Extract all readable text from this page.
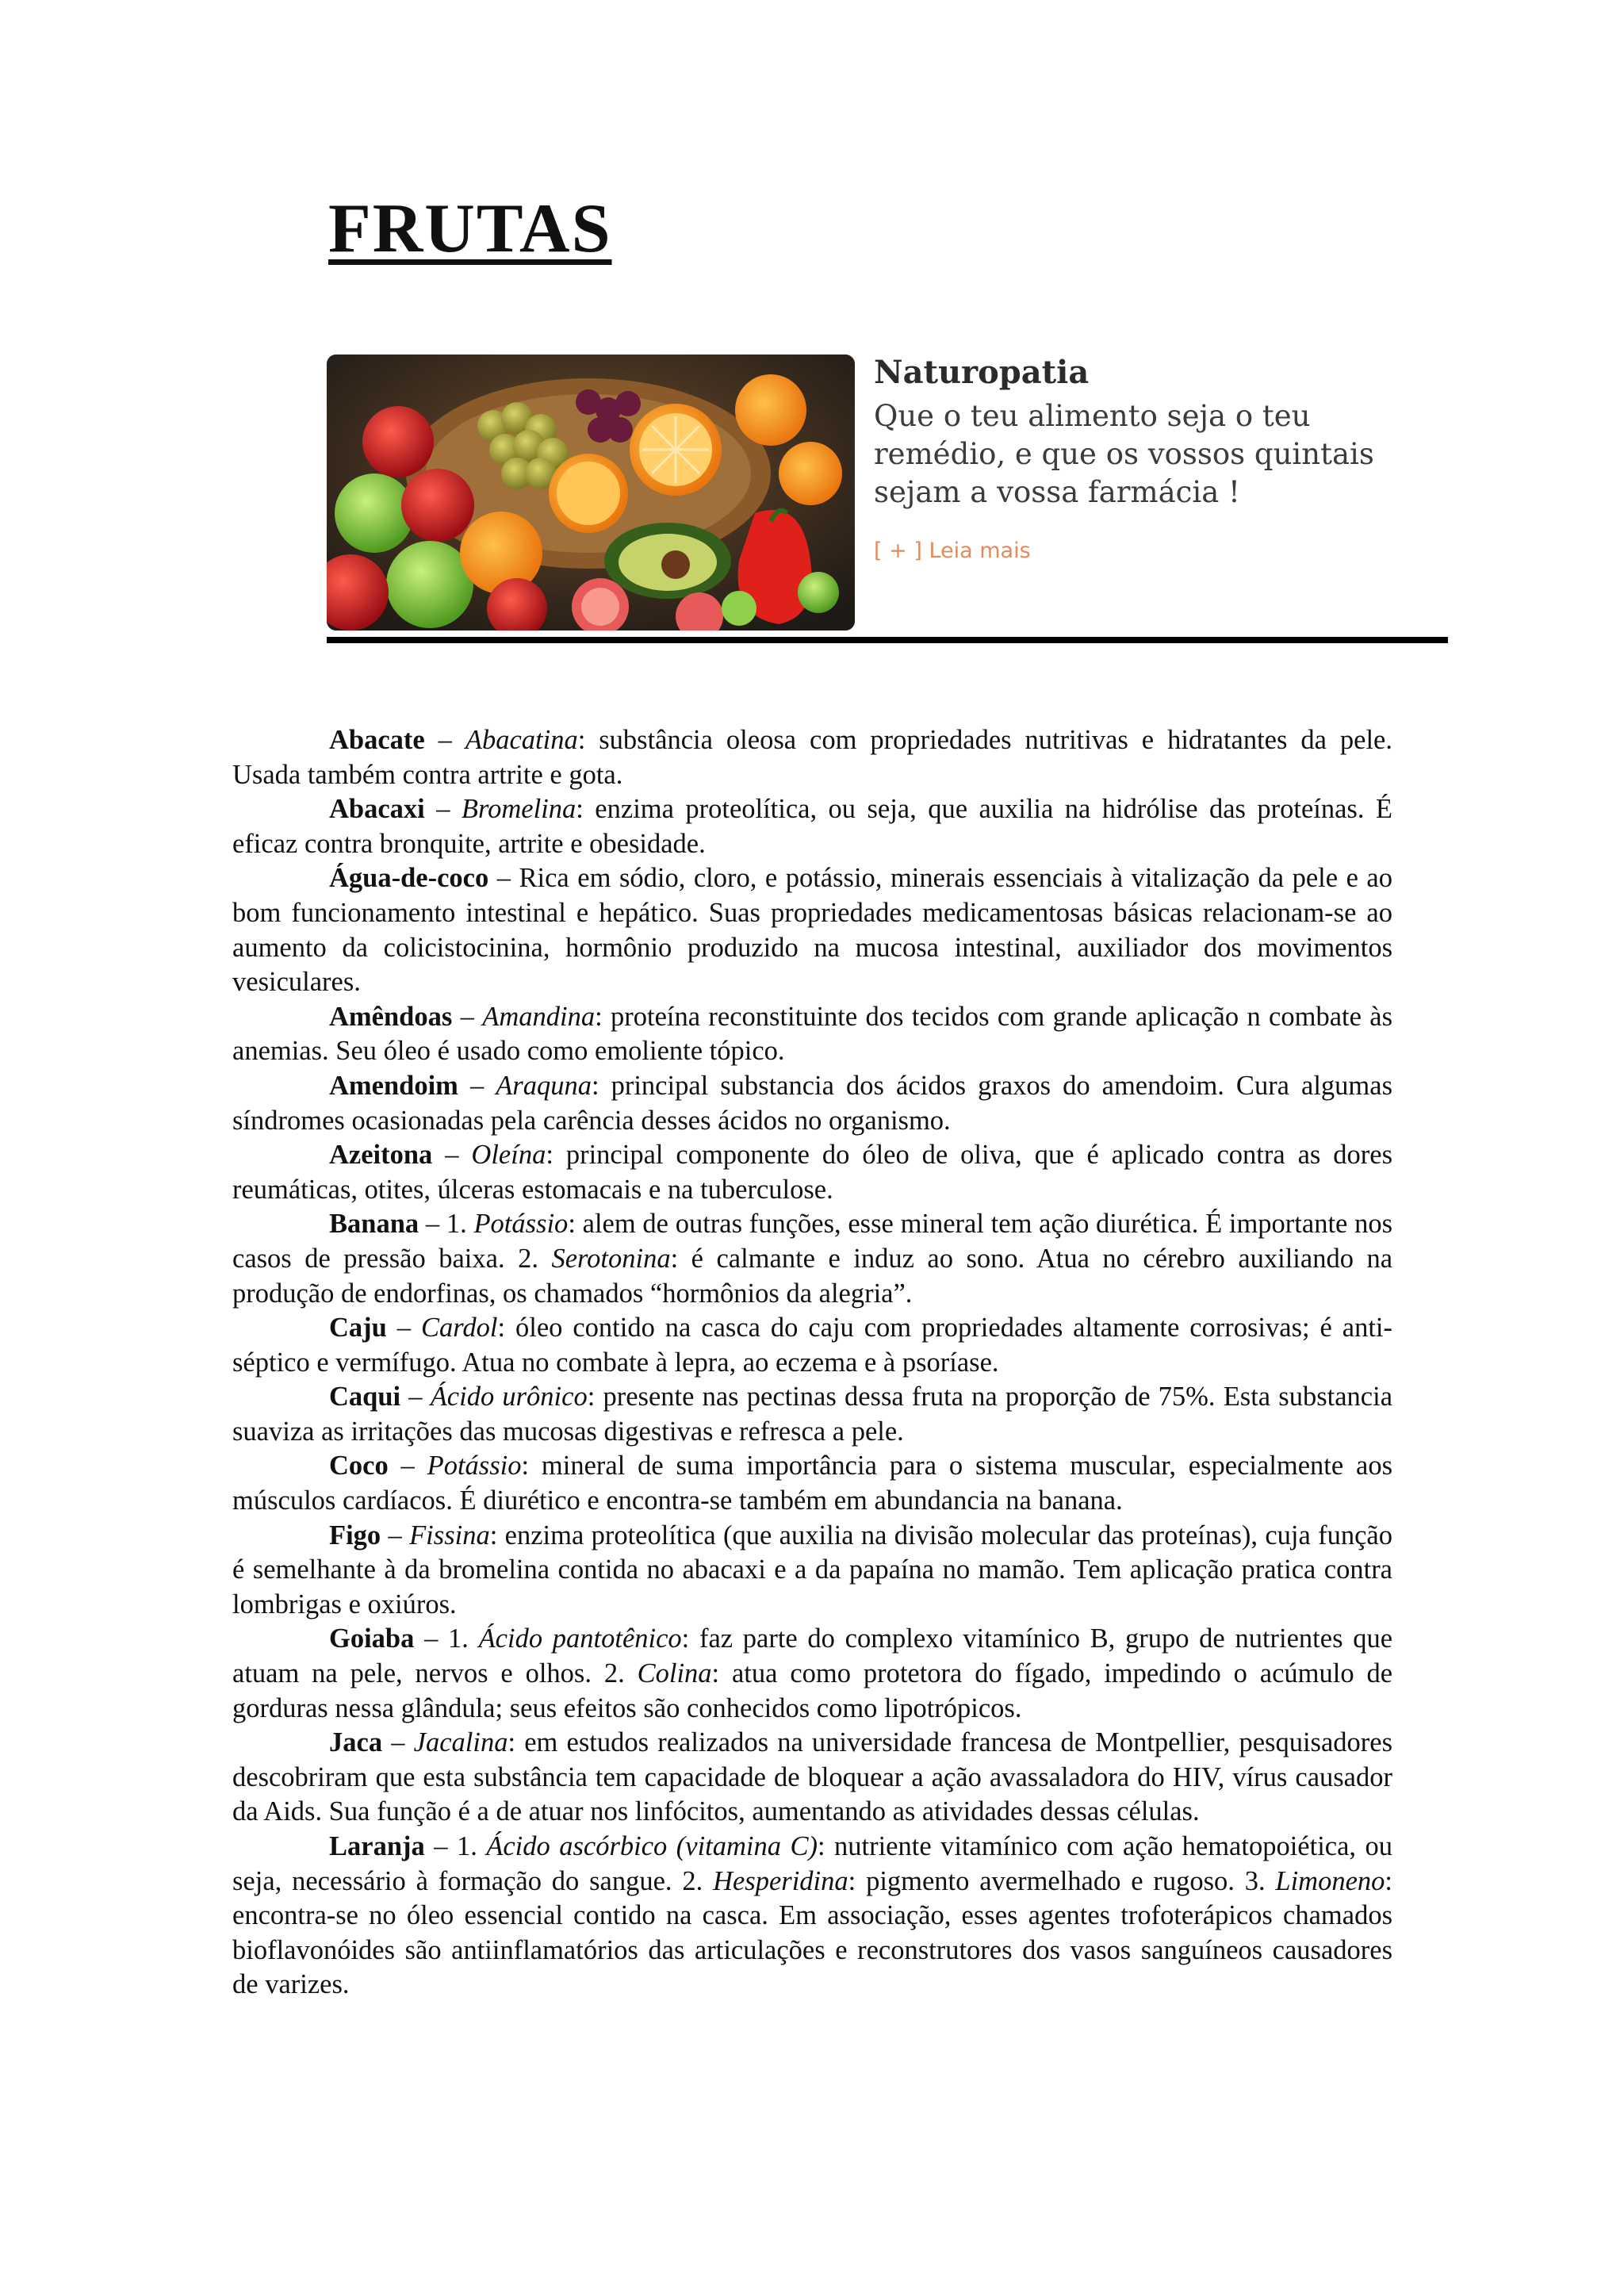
FRUTAS

Naturopatia

Que o teu alimento seja o teu remédio, e que os vossos quintais sejam a vossa farmácia !

[ + ] Leia mais

Abacate – Abacatina: substância oleosa com propriedades nutritivas e hidratantes da pele. Usada também contra artrite e gota.

Abacaxi – Bromelina: enzima proteolítica, ou seja, que auxilia na hidrólise das proteínas. É eficaz contra bronquite, artrite e obesidade.

Água-de-coco – Rica em sódio, cloro, e potássio, minerais essenciais à vitalização da pele e ao bom funcionamento intestinal e hepático. Suas propriedades medicamentosas básicas relacionam-se ao aumento da colicistocinina, hormônio produzido na mucosa intestinal, auxiliador dos movimentos vesiculares.

Amêndoas – Amandina: proteína reconstituinte dos tecidos com grande aplicação n combate às anemias. Seu óleo é usado como emoliente tópico.

Amendoim – Araquna: principal substancia dos ácidos graxos do amendoim. Cura algumas síndromes ocasionadas pela carência desses ácidos no organismo.

Azeitona – Oleína: principal componente do óleo de oliva, que é aplicado contra as dores reumáticas, otites, úlceras estomacais e na tuberculose.

Banana – 1. Potássio: alem de outras funções, esse mineral tem ação diurética. É importante nos casos de pressão baixa. 2. Serotonina: é calmante e induz ao sono. Atua no cérebro auxiliando na produção de endorfinas, os chamados “hormônios da alegria”.

Caju – Cardol: óleo contido na casca do caju com propriedades altamente corrosivas; é anti-séptico e vermífugo. Atua no combate à lepra, ao eczema e à psoríase.

Caqui – Ácido urônico: presente nas pectinas dessa fruta na proporção de 75%. Esta substancia suaviza as irritações das mucosas digestivas e refresca a pele.

Coco – Potássio: mineral de suma importância para o sistema muscular, especialmente aos músculos cardíacos. É diurético e encontra-se também em abundancia na banana.

Figo – Fissina: enzima proteolítica (que auxilia na divisão molecular das proteínas), cuja função é semelhante à da bromelina contida no abacaxi e a da papaína no mamão. Tem aplicação pratica contra lombrigas e oxiúros.

Goiaba – 1. Ácido pantotênico: faz parte do complexo vitamínico B, grupo de nutrientes que atuam na pele, nervos e olhos. 2. Colina: atua como protetora do fígado, impedindo o acúmulo de gorduras nessa glândula; seus efeitos são conhecidos como lipotrópicos.

Jaca – Jacalina: em estudos realizados na universidade francesa de Montpellier, pesquisadores descobriram que esta substância tem capacidade de bloquear a ação avassaladora do HIV, vírus causador da Aids. Sua função é a de atuar nos linfócitos, aumentando as atividades dessas células.

Laranja – 1. Ácido ascórbico (vitamina C): nutriente vitamínico com ação hematopoiética, ou seja, necessário à formação do sangue. 2. Hesperidina: pigmento avermelhado e rugoso. 3. Limoneno: encontra-se no óleo essencial contido na casca. Em associação, esses agentes trofoterápicos chamados bioflavonóides são antiinflamatórios das articulações e reconstrutores dos vasos sanguíneos causadores de varizes.
